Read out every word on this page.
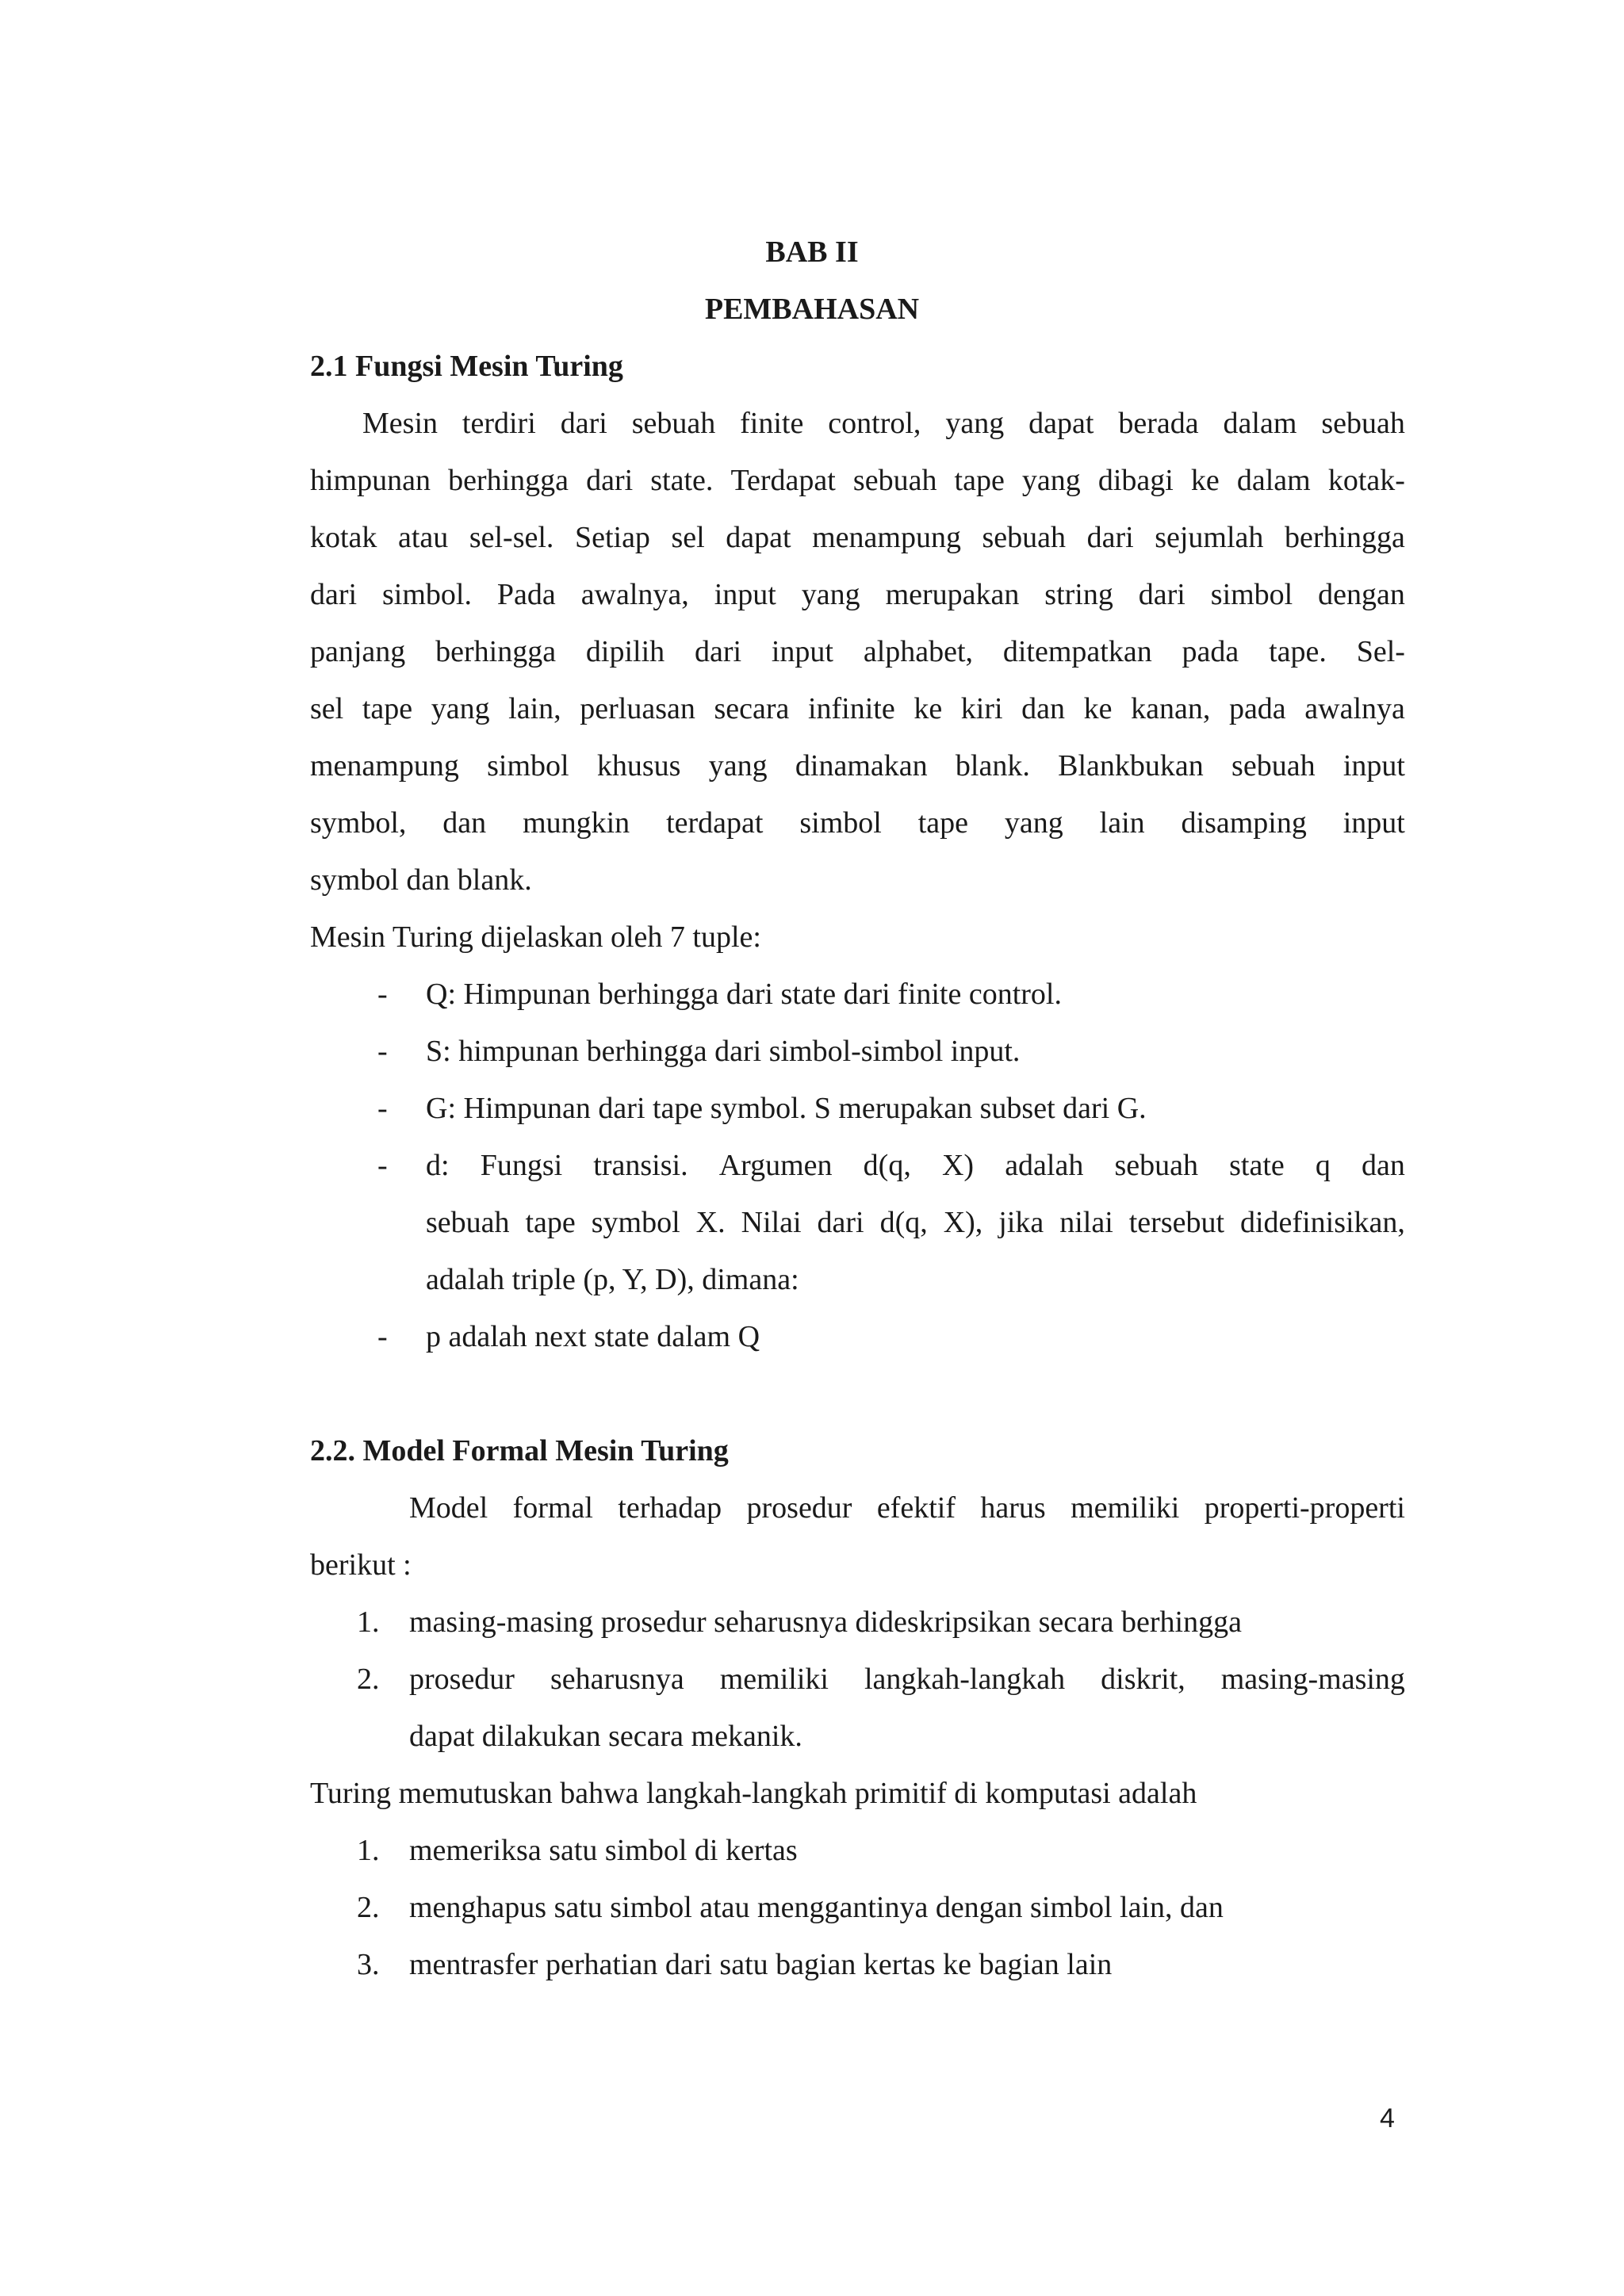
BAB II
PEMBAHASAN
2.1 Fungsi Mesin Turing
Mesin terdiri dari sebuah finite control, yang dapat berada dalam sebuah
himpunan berhingga dari state. Terdapat sebuah tape yang dibagi ke dalam kotak-
kotak atau sel-sel. Setiap sel dapat menampung sebuah dari sejumlah berhingga
dari simbol. Pada awalnya, input yang merupakan string dari simbol dengan
panjang berhingga dipilih dari input alphabet, ditempatkan pada tape. Sel-
sel tape yang lain, perluasan secara infinite ke kiri dan ke kanan, pada awalnya
menampung simbol khusus yang dinamakan blank. Blankbukan sebuah input
symbol, dan mungkin terdapat simbol tape yang lain disamping input
symbol dan blank.
Mesin Turing dijelaskan oleh 7 tuple:
- Q: Himpunan berhingga dari state dari finite control.
- S: himpunan berhingga dari simbol-simbol input.
- G: Himpunan dari tape symbol. S merupakan subset dari G.
- d: Fungsi transisi. Argumen d(q, X) adalah sebuah state q dan
sebuah tape symbol X. Nilai dari d(q, X), jika nilai tersebut didefinisikan,
adalah triple (p, Y, D), dimana:
- p adalah next state dalam Q
2.2. Model Formal Mesin Turing
Model formal terhadap prosedur efektif harus memiliki properti-properti
berikut :
1. masing-masing prosedur seharusnya dideskripsikan secara berhingga
2. prosedur seharusnya memiliki langkah-langkah diskrit, masing-masing
dapat dilakukan secara mekanik.
Turing memutuskan bahwa langkah-langkah primitif di komputasi adalah
1. memeriksa satu simbol di kertas
2. menghapus satu simbol atau menggantinya dengan simbol lain, dan
3. mentrasfer perhatian dari satu bagian kertas ke bagian lain
4
